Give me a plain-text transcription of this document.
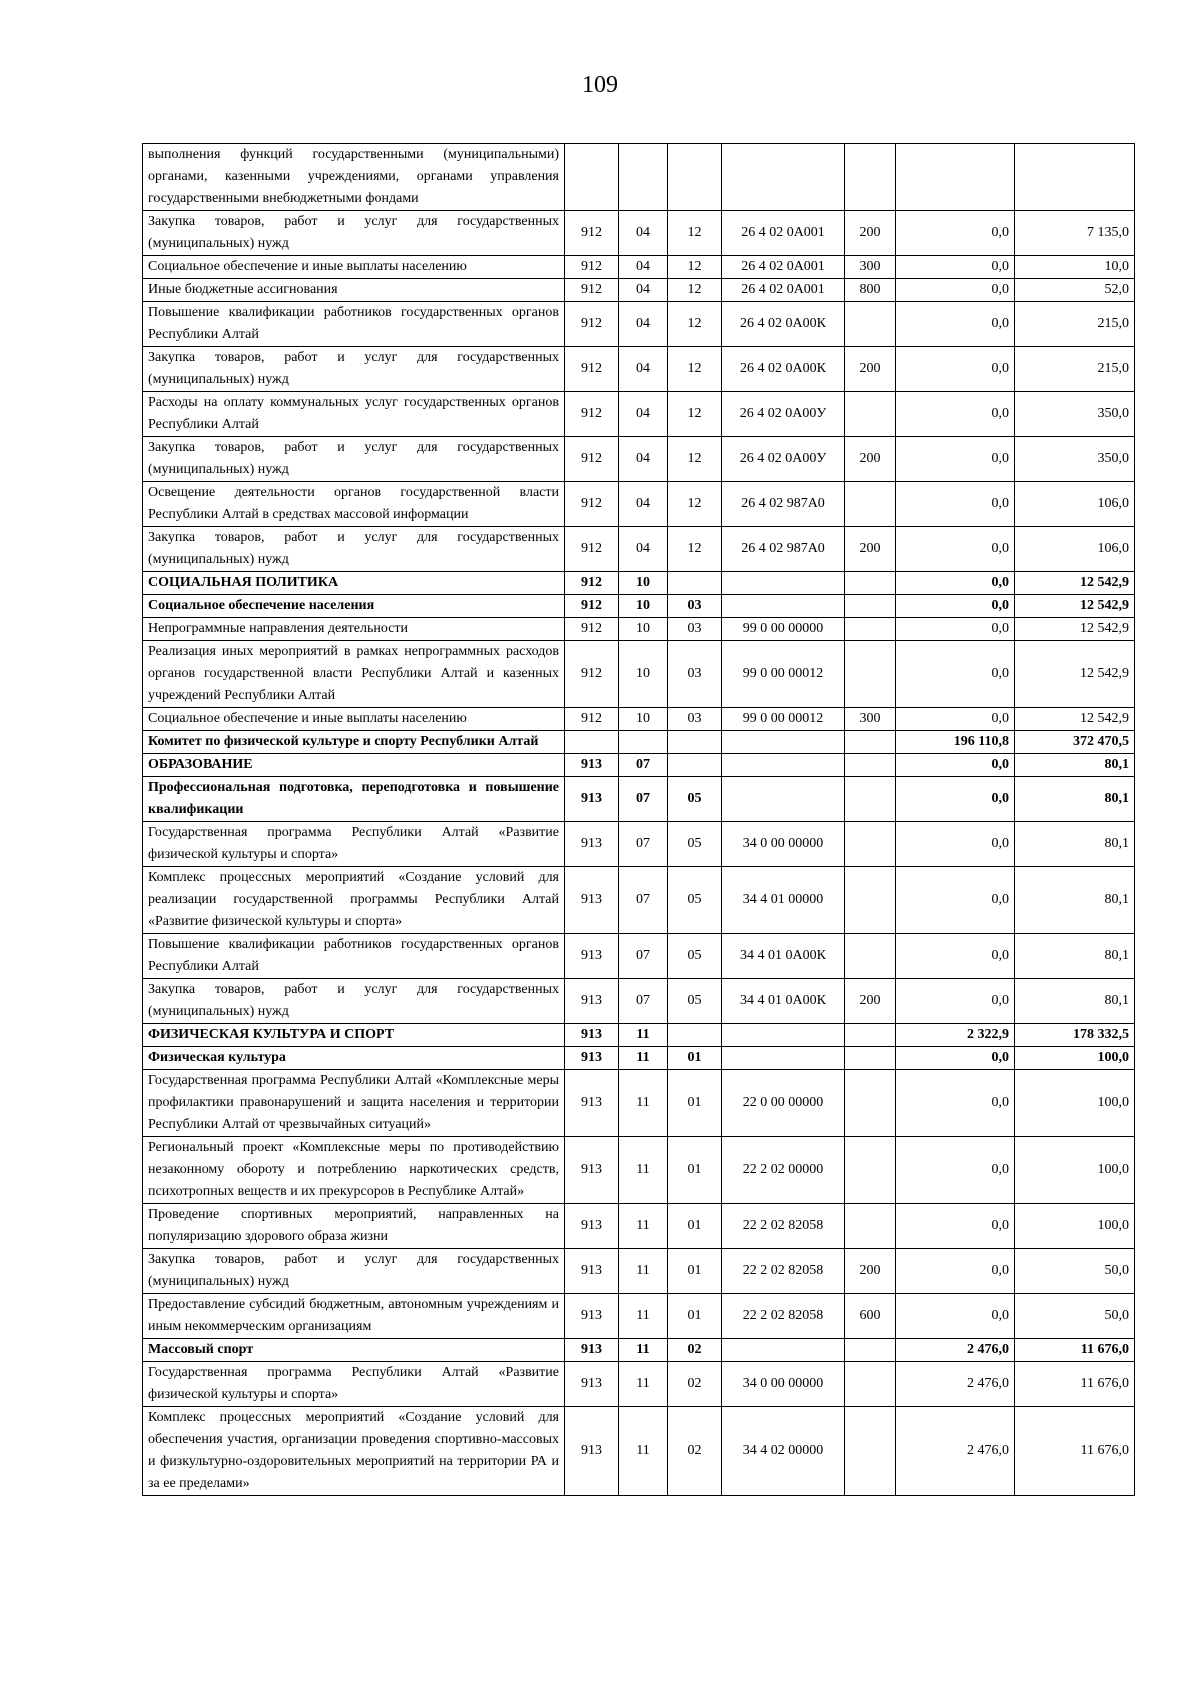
109
выполнения функций государственными (муниципальными) органами, казенными учреждениями, органами управления государственными внебюджетными фондами							
Закупка товаров, работ и услуг для государственных (муниципальных) нужд	912	04	12	26 4 02 0А001	200	0,0	7 135,0
Социальное обеспечение и иные выплаты населению	912	04	12	26 4 02 0А001	300	0,0	10,0
Иные бюджетные ассигнования	912	04	12	26 4 02 0А001	800	0,0	52,0
Повышение квалификации работников государственных органов Республики Алтай	912	04	12	26 4 02 0А00К		0,0	215,0
Закупка товаров, работ и услуг для государственных (муниципальных) нужд	912	04	12	26 4 02 0А00К	200	0,0	215,0
Расходы на оплату коммунальных услуг государственных органов Республики Алтай	912	04	12	26 4 02 0А00У		0,0	350,0
Закупка товаров, работ и услуг для государственных (муниципальных) нужд	912	04	12	26 4 02 0А00У	200	0,0	350,0
Освещение деятельности органов государственной власти Республики Алтай в средствах массовой информации	912	04	12	26 4 02 987А0		0,0	106,0
Закупка товаров, работ и услуг для государственных (муниципальных) нужд	912	04	12	26 4 02 987А0	200	0,0	106,0
СОЦИАЛЬНАЯ ПОЛИТИКА	912	10				0,0	12 542,9
Социальное обеспечение населения	912	10	03			0,0	12 542,9
Непрограммные направления деятельности	912	10	03	99 0 00 00000		0,0	12 542,9
Реализация иных мероприятий в рамках непрограммных расходов органов государственной власти Республики Алтай и казенных учреждений Республики Алтай	912	10	03	99 0 00 00012		0,0	12 542,9
Социальное обеспечение и иные выплаты населению	912	10	03	99 0 00 00012	300	0,0	12 542,9
Комитет по физической культуре и спорту Республики Алтай						196 110,8	372 470,5
ОБРАЗОВАНИЕ	913	07				0,0	80,1
Профессиональная подготовка, переподготовка и повышение квалификации	913	07	05			0,0	80,1
Государственная программа Республики Алтай «Развитие физической культуры и спорта»	913	07	05	34 0 00 00000		0,0	80,1
Комплекс процессных мероприятий «Создание условий для реализации государственной программы Республики Алтай «Развитие физической культуры и спорта»	913	07	05	34 4 01 00000		0,0	80,1
Повышение квалификации работников государственных органов Республики Алтай	913	07	05	34 4 01 0А00К		0,0	80,1
Закупка товаров, работ и услуг для государственных (муниципальных) нужд	913	07	05	34 4 01 0А00К	200	0,0	80,1
ФИЗИЧЕСКАЯ КУЛЬТУРА И СПОРТ	913	11				2 322,9	178 332,5
Физическая культура	913	11	01			0,0	100,0
Государственная программа Республики Алтай «Комплексные меры профилактики правонарушений и защита населения и территории Республики Алтай от чрезвычайных ситуаций»	913	11	01	22 0 00 00000		0,0	100,0
Региональный проект «Комплексные меры по противодействию незаконному обороту и потреблению наркотических средств, психотропных веществ и их прекурсоров в Республике Алтай»	913	11	01	22 2 02 00000		0,0	100,0
Проведение спортивных мероприятий, направленных на популяризацию здорового образа жизни	913	11	01	22 2 02 82058		0,0	100,0
Закупка товаров, работ и услуг для государственных (муниципальных) нужд	913	11	01	22 2 02 82058	200	0,0	50,0
Предоставление субсидий бюджетным, автономным учреждениям и иным некоммерческим организациям	913	11	01	22 2 02 82058	600	0,0	50,0
Массовый спорт	913	11	02			2 476,0	11 676,0
Государственная программа Республики Алтай «Развитие физической культуры и спорта»	913	11	02	34 0 00 00000		2 476,0	11 676,0
Комплекс процессных мероприятий «Создание условий для обеспечения участия, организации проведения спортивно-массовых и физкультурно-оздоровительных мероприятий на территории РА и за ее пределами»	913	11	02	34 4 02 00000		2 476,0	11 676,0
